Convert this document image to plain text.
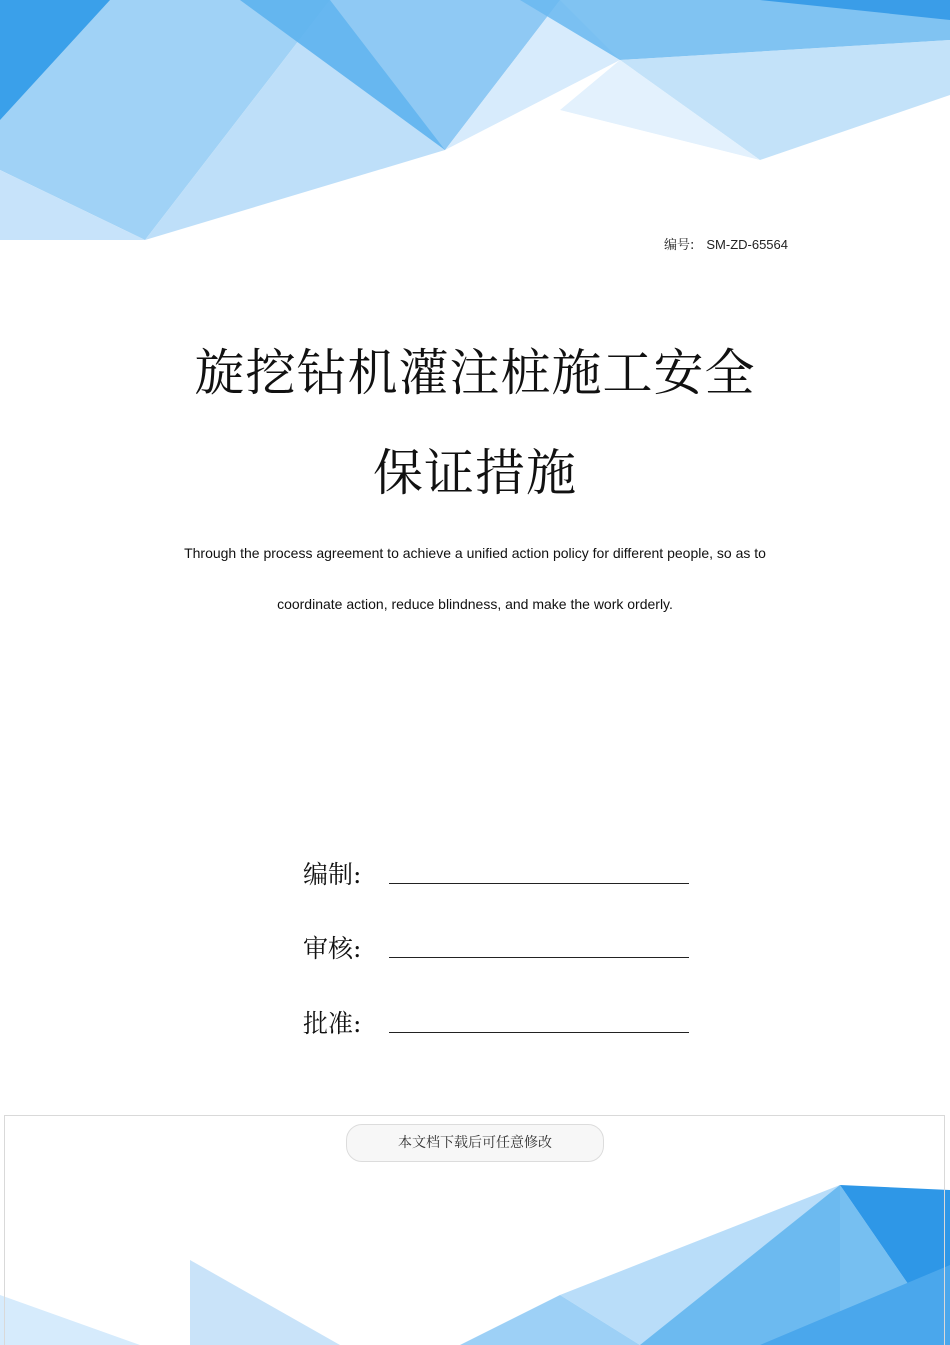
编号: SM-ZD-65564
旋挖钻机灌注桩施工安全
保证措施
Through the process agreement to achieve a unified action policy for different people, so as to
coordinate action, reduce blindness, and make the work orderly.
编制:
审核:
批准:
本文档下载后可任意修改
